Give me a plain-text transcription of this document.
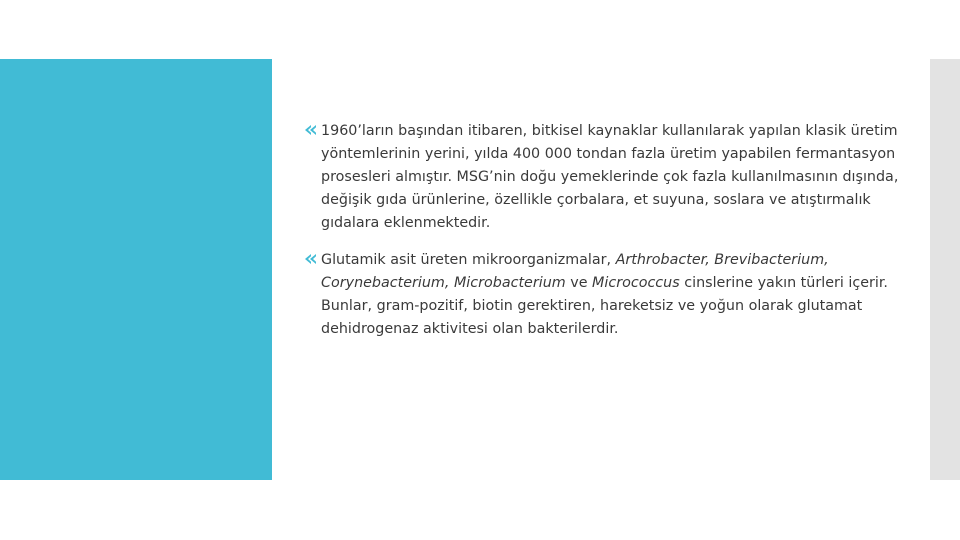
1960’ların başından itibaren, bitkisel kaynaklar kullanılarak yapılan klasik üretim yöntemlerinin yerini, yılda 400 000 tondan fazla üretim yapabilen fermantasyon prosesleri almıştır. MSG’nin doğu yemeklerinde çok fazla kullanılmasının dışında, değişik gıda ürünlerine, özellikle çorbalara, et suyuna, soslara ve atıştırmalık gıdalara eklenmektedir.

Glutamik asit üreten mikroorganizmalar, Arthrobacter, Brevibacterium, Corynebacterium, Microbacterium ve Micrococcus cinslerine yakın türleri içerir. Bunlar, gram-pozitif, biotin gerektiren, hareketsiz ve yoğun olarak glutamat dehidrogenaz aktivitesi olan bakterilerdir.
